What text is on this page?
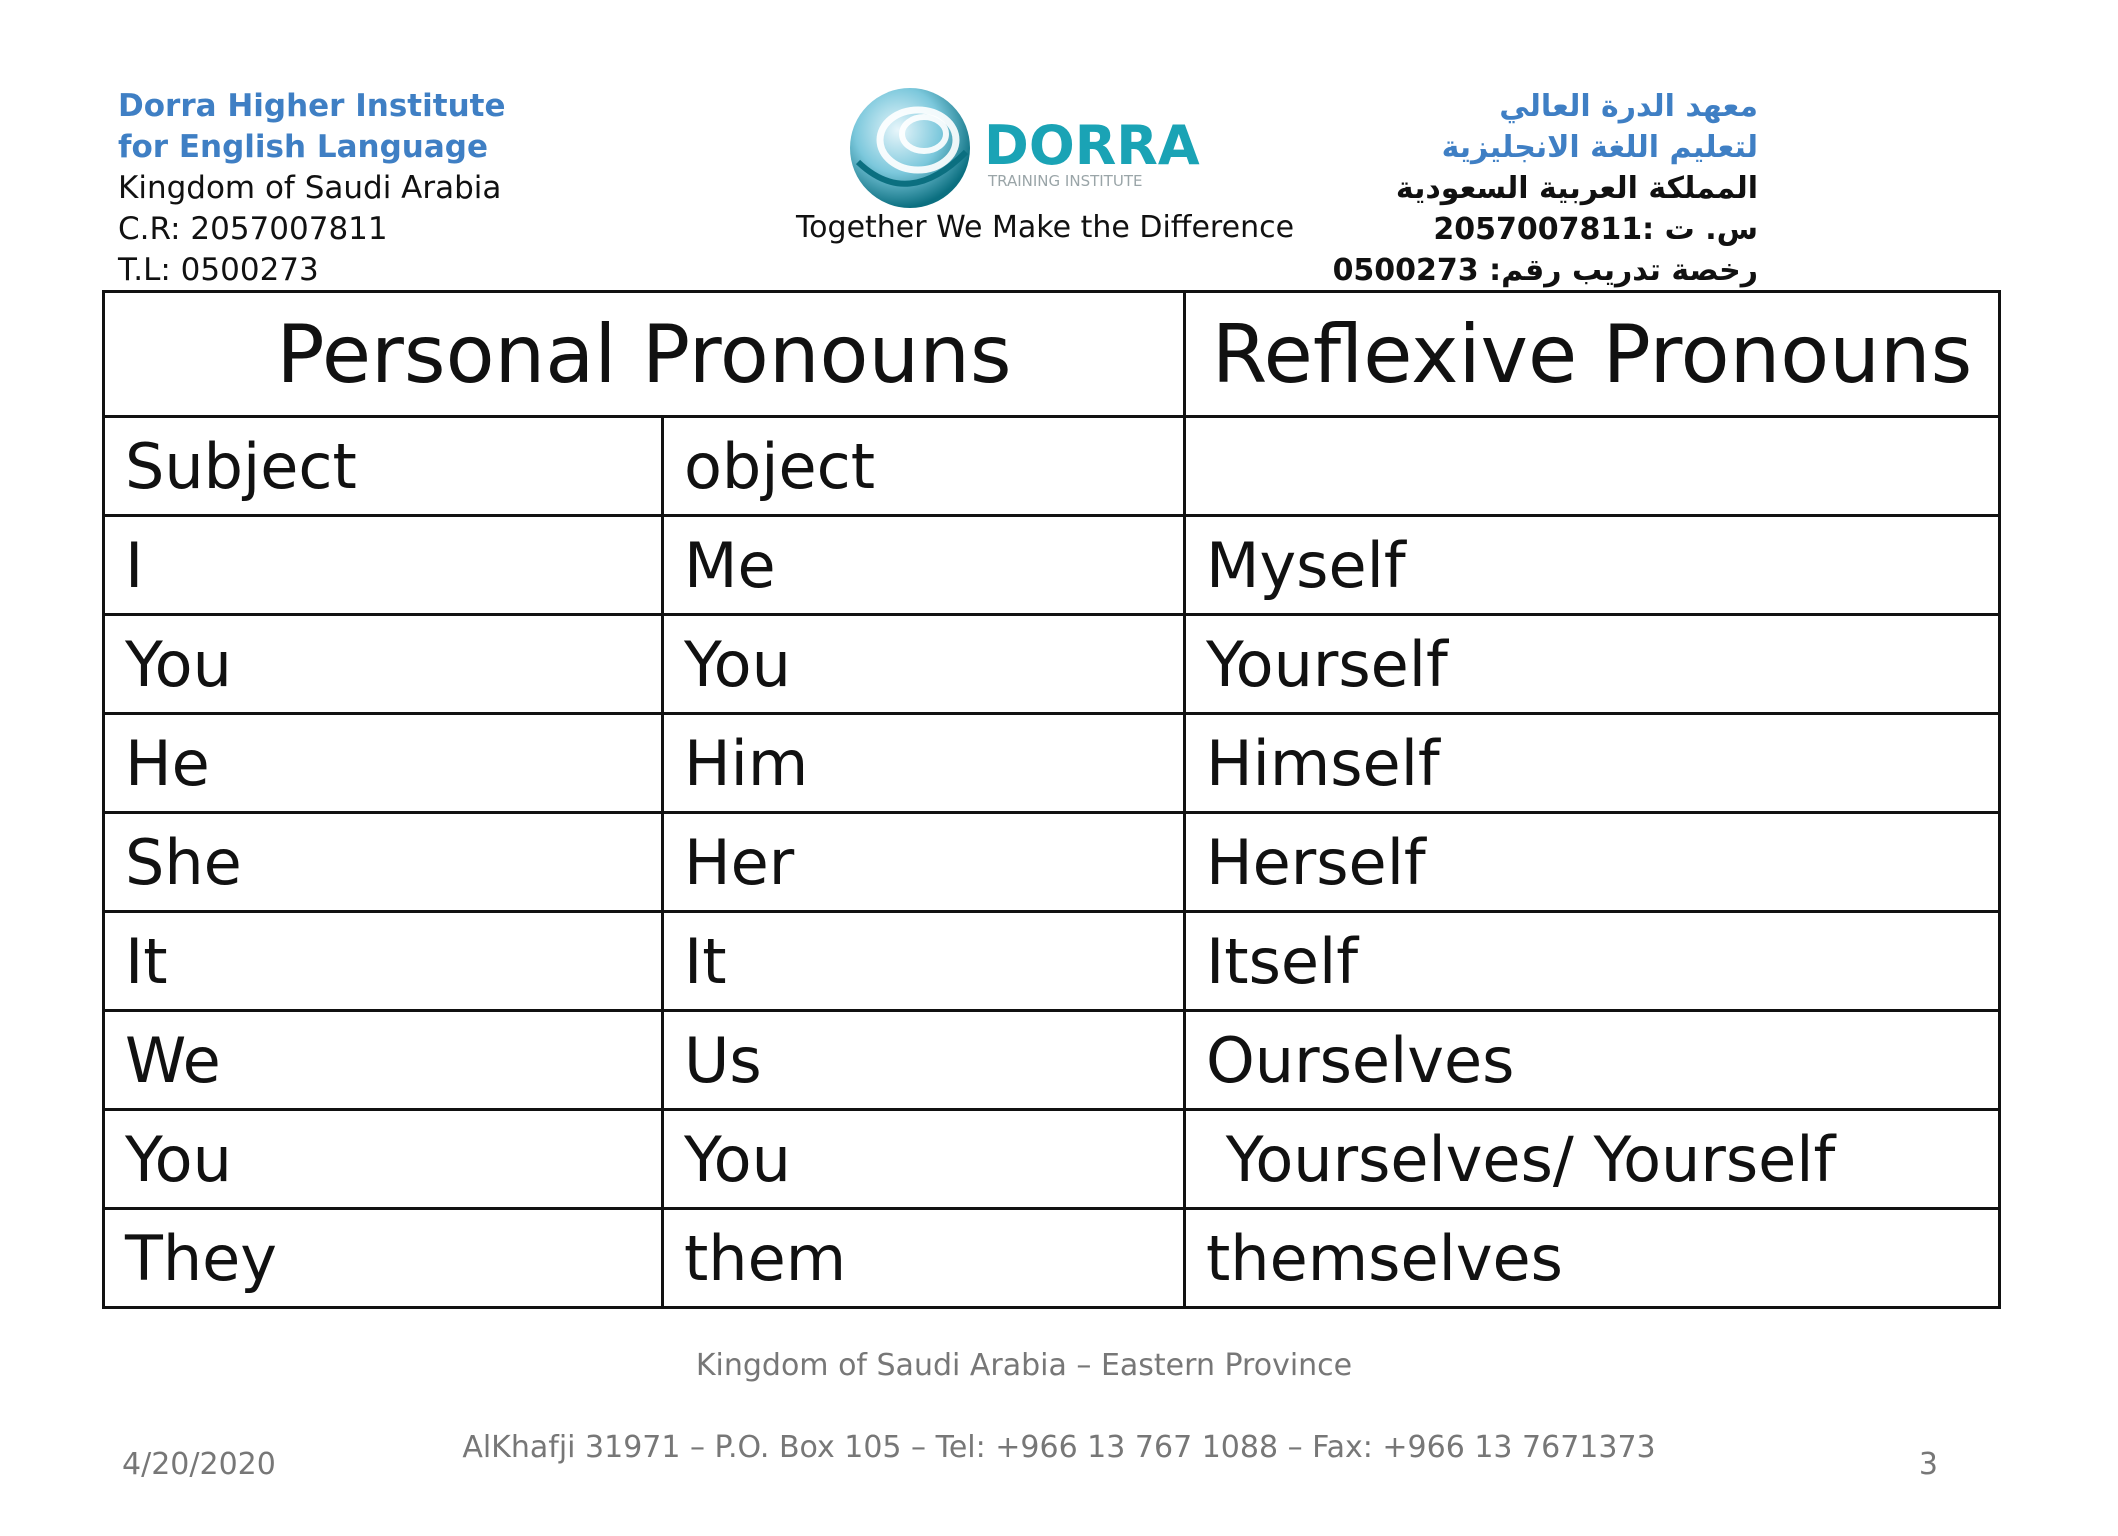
Dorra Higher Institute
for English Language
Kingdom of Saudi Arabia
C.R: 2057007811
T.L: 0500273
DORRA
TRAINING INSTITUTE
Together We Make the Difference
معهد الدرة العالي
لتعليم اللغة الانجليزية
المملكة العربية السعودية
س. ت :2057007811
رخصة تدريب رقم: 0500273
Personal Pronouns		Reflexive Pronouns
Subject	object	
I	Me	Myself
You	You	Yourself
He	Him	Himself
She	Her	Herself
It	It	Itself
We	Us	Ourselves
You	You	Yourselves/ Yourself
They	them	themselves
Kingdom of Saudi Arabia – Eastern Province
AlKhafji 31971 – P.O. Box 105 – Tel: +966 13 767 1088 – Fax: +966 13 7671373
4/20/2020	3
